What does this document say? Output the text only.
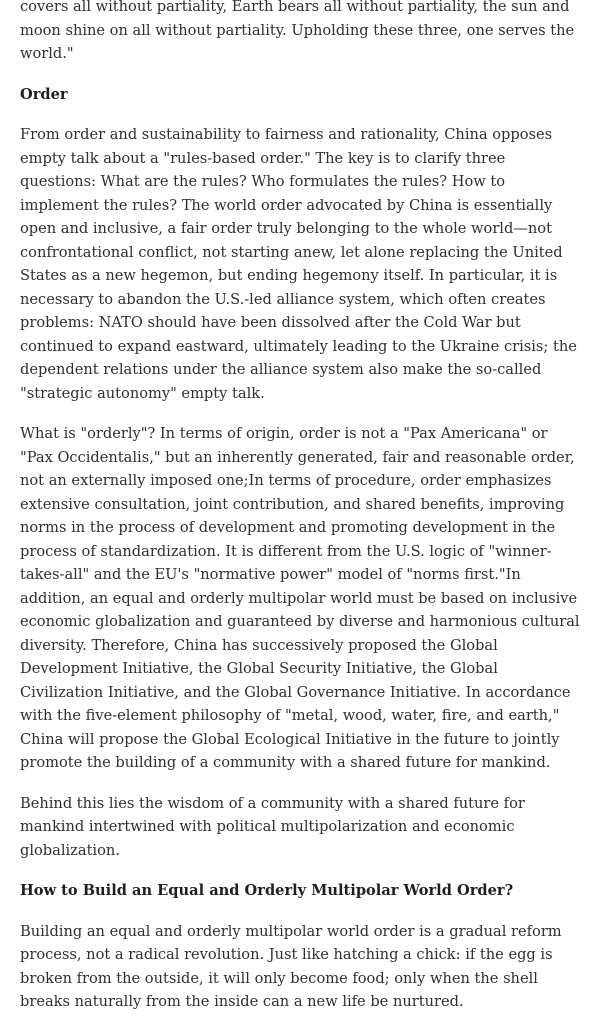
covers all without partiality, Earth bears all without partiality, the sun and moon shine on all without partiality. Upholding these three, one serves the world."

Order

From order and sustainability to fairness and rationality, China opposes empty talk about a "rules-based order." The key is to clarify three questions: What are the rules? Who formulates the rules? How to implement the rules? The world order advocated by China is essentially open and inclusive, a fair order truly belonging to the whole world—not confrontational conflict, not starting anew, let alone replacing the United States as a new hegemon, but ending hegemony itself. In particular, it is necessary to abandon the U.S.-led alliance system, which often creates problems: NATO should have been dissolved after the Cold War but continued to expand eastward, ultimately leading to the Ukraine crisis; the dependent relations under the alliance system also make the so-called "strategic autonomy" empty talk.

What is "orderly"? In terms of origin, order is not a "Pax Americana" or "Pax Occidentalis," but an inherently generated, fair and reasonable order, not an externally imposed one;In terms of procedure, order emphasizes extensive consultation, joint contribution, and shared benefits, improving norms in the process of development and promoting development in the process of standardization. It is different from the U.S. logic of "winner-takes-all" and the EU's "normative power" model of "norms first."In addition, an equal and orderly multipolar world must be based on inclusive economic globalization and guaranteed by diverse and harmonious cultural diversity. Therefore, China has successively proposed the Global Development Initiative, the Global Security Initiative, the Global Civilization Initiative, and the Global Governance Initiative. In accordance with the five-element philosophy of "metal, wood, water, fire, and earth," China will propose the Global Ecological Initiative in the future to jointly promote the building of a community with a shared future for mankind.

Behind this lies the wisdom of a community with a shared future for mankind intertwined with political multipolarization and economic globalization.

How to Build an Equal and Orderly Multipolar World Order?

Building an equal and orderly multipolar world order is a gradual reform process, not a radical revolution. Just like hatching a chick: if the egg is broken from the outside, it will only become food; only when the shell breaks naturally from the inside can a new life be nurtured.
